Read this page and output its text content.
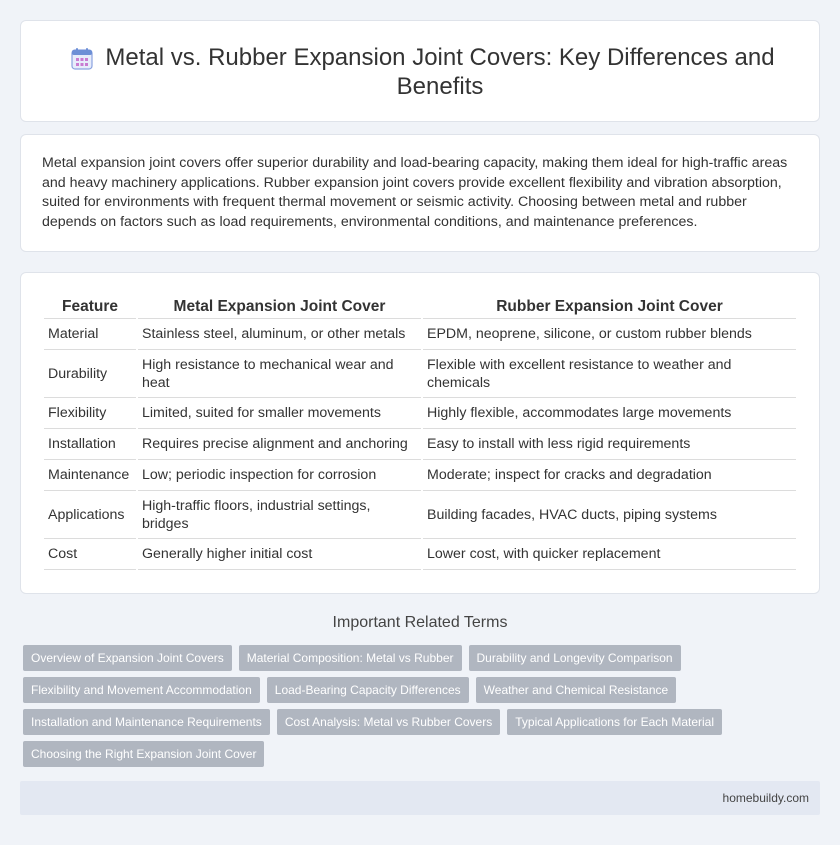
Metal vs. Rubber Expansion Joint Covers: Key Differences and Benefits

Metal expansion joint covers offer superior durability and load-bearing capacity, making them ideal for high-traffic areas and heavy machinery applications. Rubber expansion joint covers provide excellent flexibility and vibration absorption, suited for environments with frequent thermal movement or seismic activity. Choosing between metal and rubber depends on factors such as load requirements, environmental conditions, and maintenance preferences.

Feature	Metal Expansion Joint Cover	Rubber Expansion Joint Cover
Material	Stainless steel, aluminum, or other metals	EPDM, neoprene, silicone, or custom rubber blends
Durability	High resistance to mechanical wear and heat	Flexible with excellent resistance to weather and chemicals
Flexibility	Limited, suited for smaller movements	Highly flexible, accommodates large movements
Installation	Requires precise alignment and anchoring	Easy to install with less rigid requirements
Maintenance	Low; periodic inspection for corrosion	Moderate; inspect for cracks and degradation
Applications	High-traffic floors, industrial settings, bridges	Building facades, HVAC ducts, piping systems
Cost	Generally higher initial cost	Lower cost, with quicker replacement
Important Related Terms
Overview of Expansion Joint Covers	Material Composition: Metal vs Rubber	Durability and Longevity Comparison
Flexibility and Movement Accommodation	Load-Bearing Capacity Differences	Weather and Chemical Resistance
Installation and Maintenance Requirements	Cost Analysis: Metal vs Rubber Covers	Typical Applications for Each Material
Choosing the Right Expansion Joint Cover
homebuildy.com
